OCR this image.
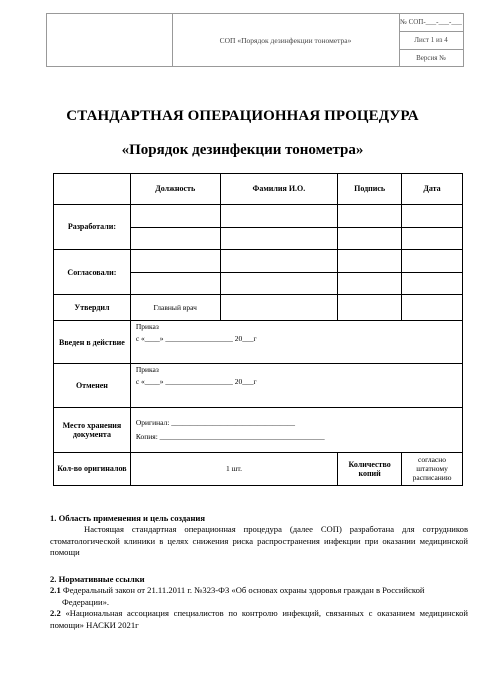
СОП «Порядок дезинфекции тонометра»
№ СОП-___-___-___
Лист 1 из 4
Версия №
СТАНДАРТНАЯ ОПЕРАЦИОННАЯ ПРОЦЕДУРА
«Порядок дезинфекции тонометра»
	Должность	Фамилия И.О.	Подпись	Дата
Разработали:				

Согласовали:				

Утвердил	Главный врач			
Введен в действие	Приказ
с «____» __________________ 20___г			

Отменен	Приказ
с «____» __________________ 20___г			

Место хранения документа	Оригинал: _________________________________
Копия: ____________________________________________			

Кол-во оригиналов	1 шт.		Количество копий	согласно штатному расписанию
1. Область применения и цель создания
Настоящая стандартная операционная процедура (далее СОП) разработана для сотрудников стоматологической клиники в целях снижения риска распространения инфекции при оказании медицинской помощи
2. Нормативные ссылки
2.1 Федеральный закон от 21.11.2011 г. №323-ФЗ «Об основах охраны здоровья граждан в Российской Федерации».
2.2 «Национальная ассоциация специалистов по контролю инфекций, связанных с оказанием медицинской помощи» НАСКИ 2021г
